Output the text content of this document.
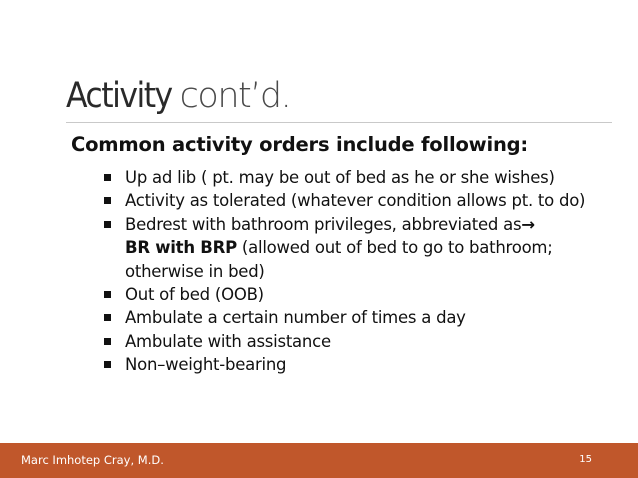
Activity cont’d.
Common activity orders include following:
Up ad lib ( pt. may be out of bed as he or she wishes)
Activity as tolerated (whatever condition allows pt. to do)
Bedrest with bathroom privileges, abbreviated as→
BR with BRP (allowed out of bed to go to bathroom; otherwise in bed)
Out of bed (OOB)
Ambulate a certain number of times a day
Ambulate with assistance
Non–weight-bearing
Marc Imhotep Cray, M.D.	15
